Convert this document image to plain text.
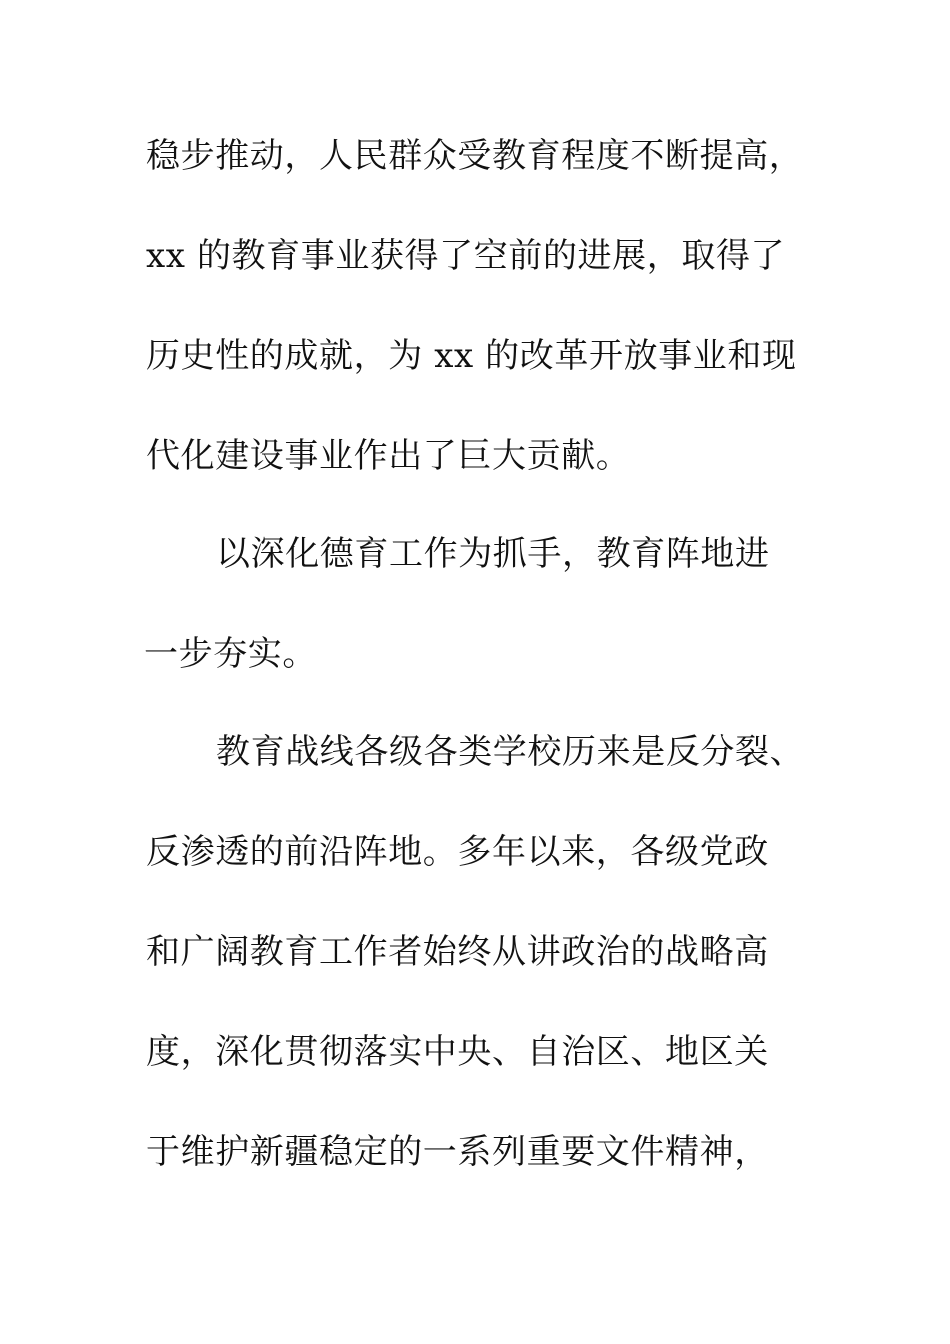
稳步推动，人民群众受教育程度不断提高，
xx 的教育事业获得了空前的进展，取得了
历史性的成就，为 xx 的改革开放事业和现
代化建设事业作出了巨大贡献。
以深化德育工作为抓手，教育阵地进
一步夯实。
教育战线各级各类学校历来是反分裂、
反渗透的前沿阵地。多年以来，各级党政
和广阔教育工作者始终从讲政治的战略高
度，深化贯彻落实中央、自治区、地区关
于维护新疆稳定的一系列重要文件精神，
